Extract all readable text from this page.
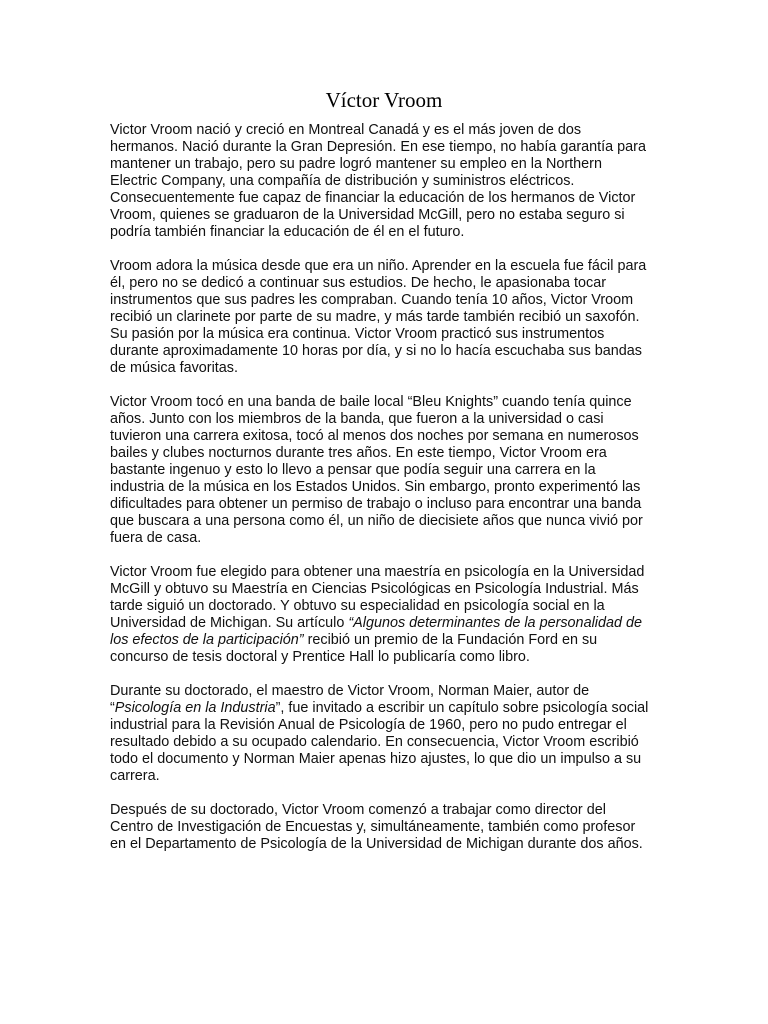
Víctor Vroom

Victor Vroom nació y creció en Montreal Canadá y es el más joven de dos hermanos. Nació durante la Gran Depresión. En ese tiempo, no había garantía para mantener un trabajo, pero su padre logró mantener su empleo en la Northern Electric Company, una compañía de distribución y suministros eléctricos. Consecuentemente fue capaz de financiar la educación de los hermanos de Victor Vroom, quienes se graduaron de la Universidad McGill, pero no estaba seguro si podría también financiar la educación de él en el futuro.

Vroom adora la música desde que era un niño. Aprender en la escuela fue fácil para él, pero no se dedicó a continuar sus estudios. De hecho, le apasionaba tocar instrumentos que sus padres les compraban. Cuando tenía 10 años, Victor Vroom recibió un clarinete por parte de su madre, y más tarde también recibió un saxofón. Su pasión por la música era continua. Victor Vroom practicó sus instrumentos durante aproximadamente 10 horas por día, y si no lo hacía escuchaba sus bandas de música favoritas.

Victor Vroom tocó en una banda de baile local “Bleu Knights” cuando tenía quince años. Junto con los miembros de la banda, que fueron a la universidad o casi tuvieron una carrera exitosa, tocó al menos dos noches por semana en numerosos bailes y clubes nocturnos durante tres años. En este tiempo, Victor Vroom era bastante ingenuo y esto lo llevo a pensar que podía seguir una carrera en la industria de la música en los Estados Unidos. Sin embargo, pronto experimentó las dificultades para obtener un permiso de trabajo o incluso para encontrar una banda que buscara a una persona como él, un niño de diecisiete años que nunca vivió por fuera de casa.

Victor Vroom fue elegido para obtener una maestría en psicología en la Universidad McGill y obtuvo su Maestría en Ciencias Psicológicas en Psicología Industrial. Más tarde siguió un doctorado. Y obtuvo su especialidad en psicología social en la Universidad de Michigan. Su artículo “Algunos determinantes de la personalidad de los efectos de la participación” recibió un premio de la Fundación Ford en su concurso de tesis doctoral y Prentice Hall lo publicaría como libro.

Durante su doctorado, el maestro de Victor Vroom, Norman Maier, autor de “Psicología en la Industria”, fue invitado a escribir un capítulo sobre psicología social industrial para la Revisión Anual de Psicología de 1960, pero no pudo entregar el resultado debido a su ocupado calendario. En consecuencia, Victor Vroom escribió todo el documento y Norman Maier apenas hizo ajustes, lo que dio un impulso a su carrera.

Después de su doctorado, Victor Vroom comenzó a trabajar como director del Centro de Investigación de Encuestas y, simultáneamente, también como profesor en el Departamento de Psicología de la Universidad de Michigan durante dos años.
